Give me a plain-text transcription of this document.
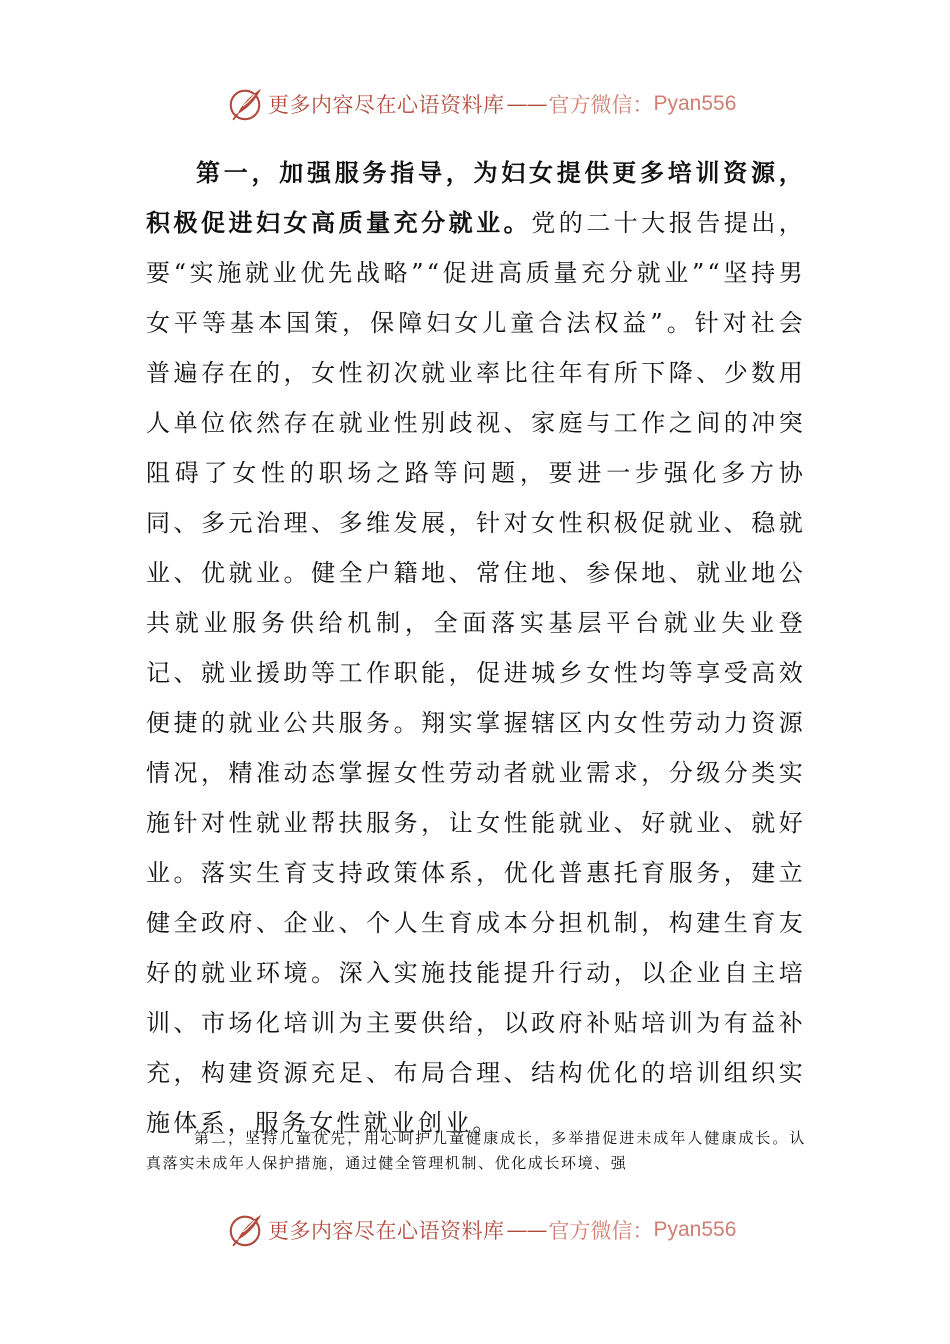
更多内容尽在心语资料库 —— 官方微信： Pyan556

第一，加强服务指导，为妇女提供更多培训资源，积极促进妇女高质量充分就业。党的二十大报告提出，要“实施就业优先战略”“促进高质量充分就业”“坚持男女平等基本国策，保障妇女儿童合法权益”。针对社会普遍存在的，女性初次就业率比往年有所下降、少数用人单位依然存在就业性别歧视、家庭与工作之间的冲突阻碍了女性的职场之路等问题，要进一步强化多方协同、多元治理、多维发展，针对女性积极促就业、稳就业、优就业。健全户籍地、常住地、参保地、就业地公共就业服务供给机制，全面落实基层平台就业失业登记、就业援助等工作职能，促进城乡女性均等享受高效便捷的就业公共服务。翔实掌握辖区内女性劳动力资源情况，精准动态掌握女性劳动者就业需求，分级分类实施针对性就业帮扶服务，让女性能就业、好就业、就好业。落实生育支持政策体系，优化普惠托育服务，建立健全政府、企业、个人生育成本分担机制，构建生育友好的就业环境。深入实施技能提升行动，以企业自主培训、市场化培训为主要供给，以政府补贴培训为有益补充，构建资源充足、布局合理、结构优化的培训组织实施体系，服务女性就业创业。

第二，坚持儿童优先，用心呵护儿童健康成长，多举措促进未成年人健康成长。认真落实未成年人保护措施，通过健全管理机制、优化成长环境、强

更多内容尽在心语资料库 —— 官方微信： Pyan556
